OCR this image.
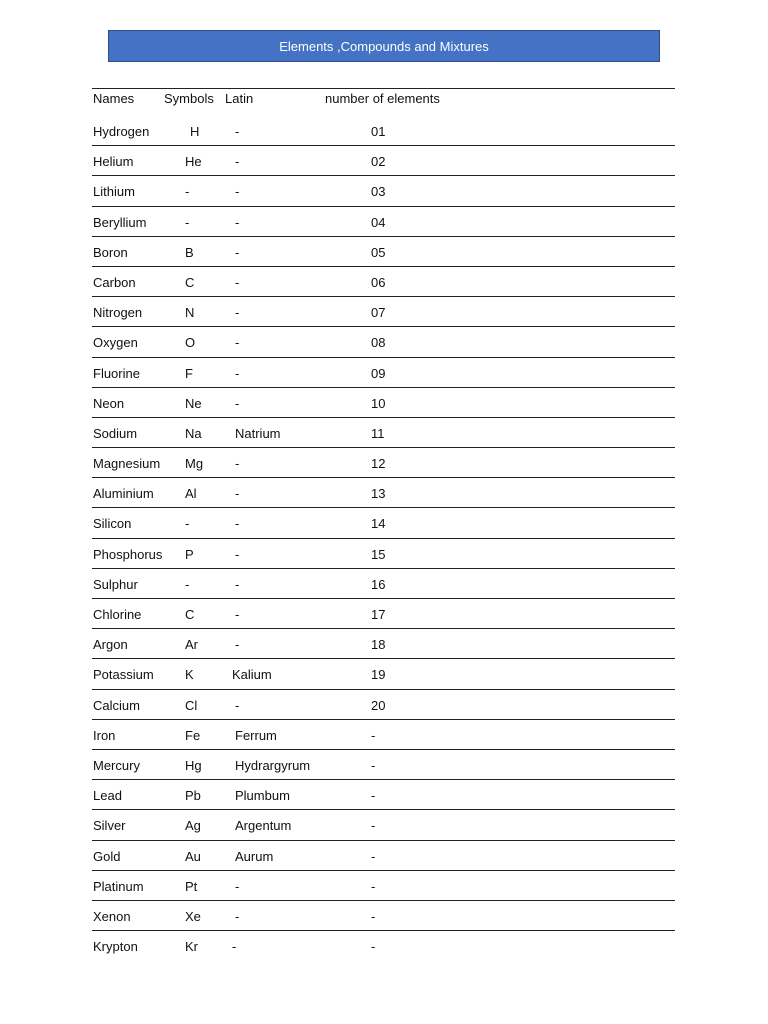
Elements ,Compounds and Mixtures
Names Symbols Latin	number of elements
Hydrogen	H	-	01
Helium	He	-	02
Lithium	-	-	03
Beryllium	-	-	04
Boron	B	-	05
Carbon	C	-	06
Nitrogen	N	-	07
Oxygen	O	-	08
Fluorine	F	-	09
Neon	Ne	-	10
Sodium	Na	Natrium	11
Magnesium Mg -	12
Aluminium Al	-	13
Silicon	-	-	14
Phosphorus P	-	15
Sulphur	-	-	16
Chlorine	C	-	17
Argon	Ar	-	18
Potassium K	Kalium	19
Calcium	Cl	-	20
Iron	Fe	Ferrum	-
Mercury	Hg	Hydrargyrum	-
Lead	Pb	Plumbum	-
Silver	Ag	Argentum	-
Gold	Au	Aurum	-
Platinum	Pt	-	-
Xenon	Xe	-	-
Krypton	Kr	-	-
